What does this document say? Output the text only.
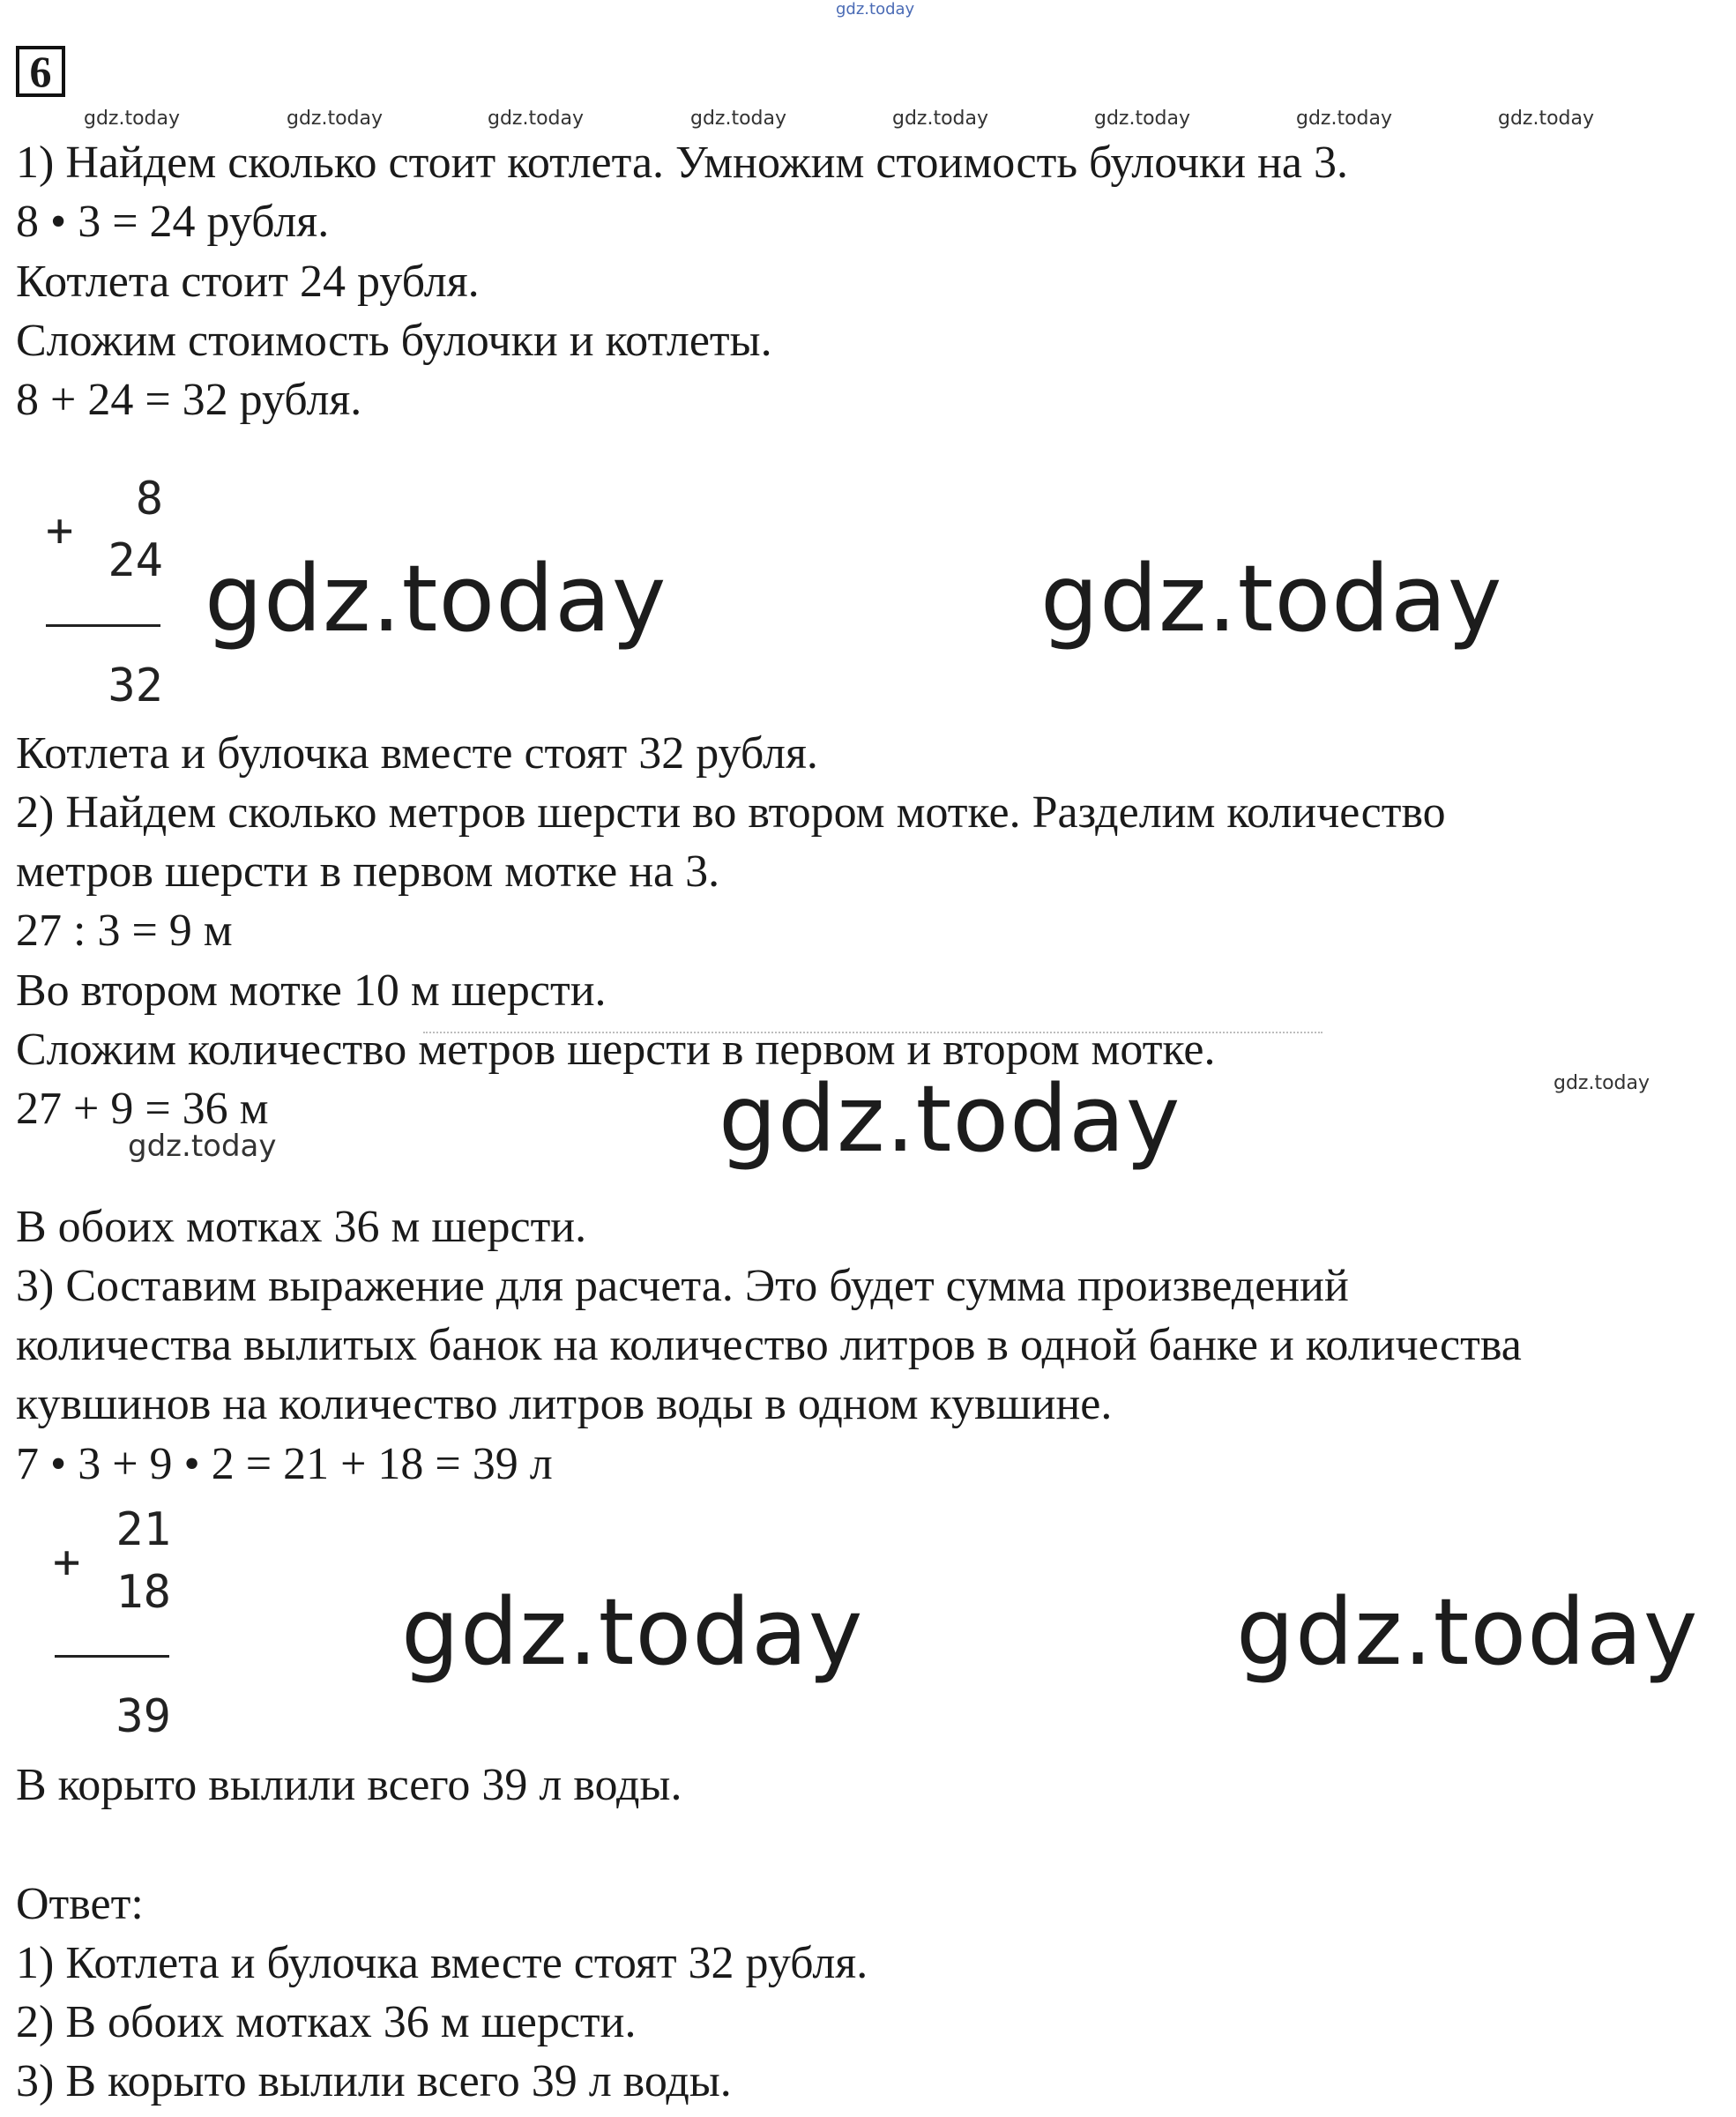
gdz.today
6
gdz.today	gdz.today	gdz.today	gdz.today	gdz.today	gdz.today	gdz.today	gdz.today
1) Найдем сколько стоит котлета. Умножим стоимость булочки на 3.
8 • 3 = 24 рубля.
Котлета стоит 24 рубля.
Сложим стоимость булочки и котлеты.
8 + 24 = 32 рубля.
+
8
24
32
gdz.today	gdz.today
Котлета и булочка вместе стоят 32 рубля.
2) Найдем сколько метров шерсти во втором мотке. Разделим количество
метров шерсти в первом мотке на 3.
27 : 3 = 9 м
Во втором мотке 10 м шерсти.
Сложим количество метров шерсти в первом и втором мотке.
27 + 9 = 36 м
gdz.today
gdz.today	gdz.today
В обоих мотках 36 м шерсти.
3) Составим выражение для расчета. Это будет сумма произведений
количества вылитых банок на количество литров в одной банке и количества
кувшинов на количество литров воды в одном кувшине.
7 • 3 + 9 • 2 = 21 + 18 = 39 л
+
21
18
39
gdz.today	gdz.today
В корыто вылили всего 39 л воды.
Ответ:
1) Котлета и булочка вместе стоят 32 рубля.
2) В обоих мотках 36 м шерсти.
3) В корыто вылили всего 39 л воды.
